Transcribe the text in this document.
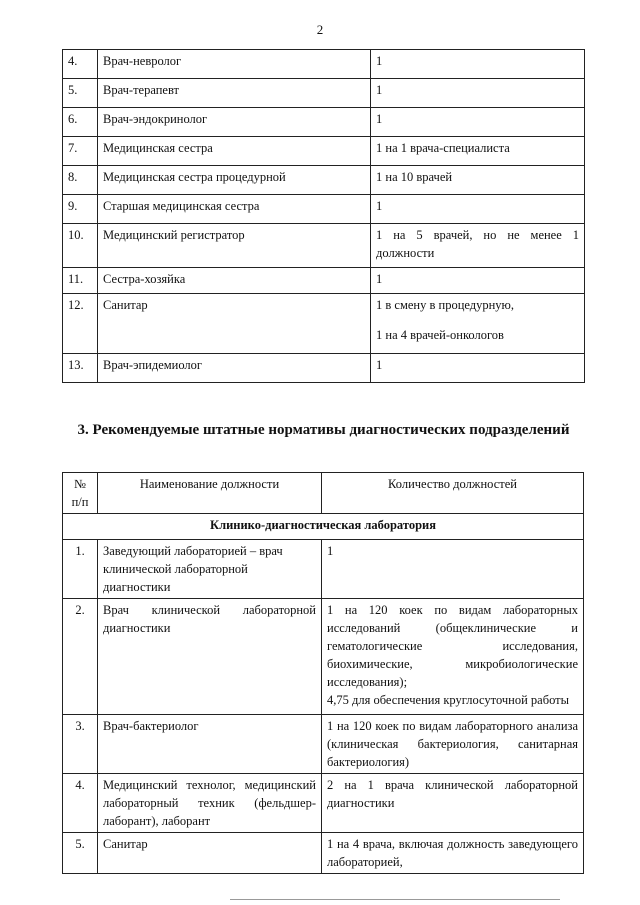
2
4.	Врач-невролог	1
5.	Врач-терапевт	1
6.	Врач-эндокринолог	1
7.	Медицинская сестра	1 на 1 врача-специалиста
8.	Медицинская сестра процедурной	1 на 10 врачей
9.	Старшая медицинская сестра	1
10.	Медицинский регистратор	1 на 5 врачей, но не менее 1 должности
11.	Сестра-хозяйка	1
12.	Санитар	1 в смену в процедурную,
1 на 4 врачей-онкологов

13.	Врач-эпидемиолог	1
3. Рекомендуемые штатные нормативы диагностических подразделений
№ п/п	Наименование должности	Количество должностей
Клинико-диагностическая лаборатория		
1.	Заведующий лабораторией – врач клинической лабораторной диагностики	1
2.	Врач клинической лабораторной диагностики	1 на 120 коек по видам лабораторных исследований (общеклинические и гематологические исследования, биохимические, микробиологические исследования);
4,75 для обеспечения круглосуточной работы

3.	Врач-бактериолог	1 на 120 коек по видам лабораторного анализа (клиническая бактериология, санитарная бактериология)
4.	Медицинский технолог, медицинский лабораторный техник (фельдшер-лаборант), лаборант	2 на 1 врача клинической лабораторной диагностики
5.	Санитар	1 на 4 врача, включая должность заведующего лабораторией,
